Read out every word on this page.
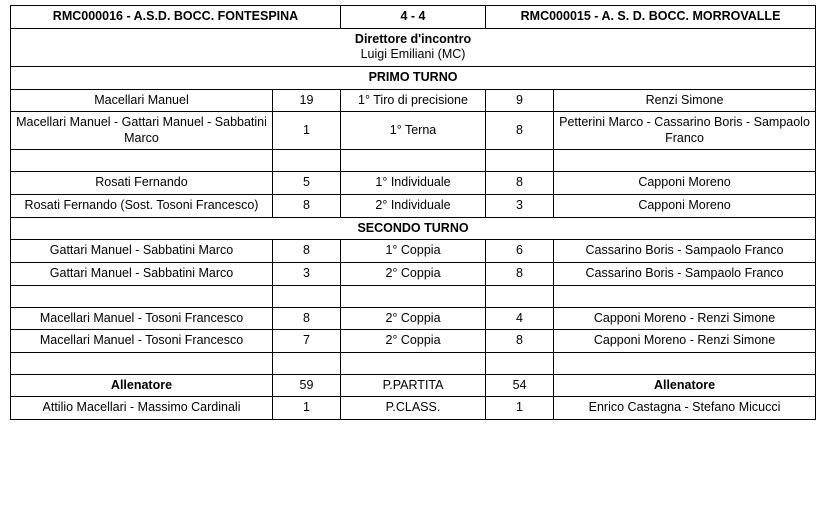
RMC000016 - A.S.D. BOCC. FONTESPINA		4 - 4	RMC000015 - A. S. D. BOCC. MORROVALLE	

Direttore d'incontro
Luigi Emiliani (MC)				

PRIMO TURNO				
Macellari Manuel	19	1° Tiro di precisione	9	Renzi Simone
Macellari Manuel - Gattari Manuel - Sabbatini Marco	1	1° Terna	8	Petterini Marco - Cassarino Boris - Sampaolo Franco

Rosati Fernando	5	1° Individuale	8	Capponi Moreno
Rosati Fernando (Sost. Tosoni Francesco)	8	2° Individuale	3	Capponi Moreno
SECONDO TURNO				
Gattari Manuel - Sabbatini Marco	8	1° Coppia	6	Cassarino Boris - Sampaolo Franco
Gattari Manuel - Sabbatini Marco	3	2° Coppia	8	Cassarino Boris - Sampaolo Franco

Macellari Manuel - Tosoni Francesco	8	2° Coppia	4	Capponi Moreno - Renzi Simone
Macellari Manuel - Tosoni Francesco	7	2° Coppia	8	Capponi Moreno - Renzi Simone

Allenatore	59	P.PARTITA	54	Allenatore
Attilio Macellari - Massimo Cardinali	1	P.CLASS.	1	Enrico Castagna - Stefano Micucci
